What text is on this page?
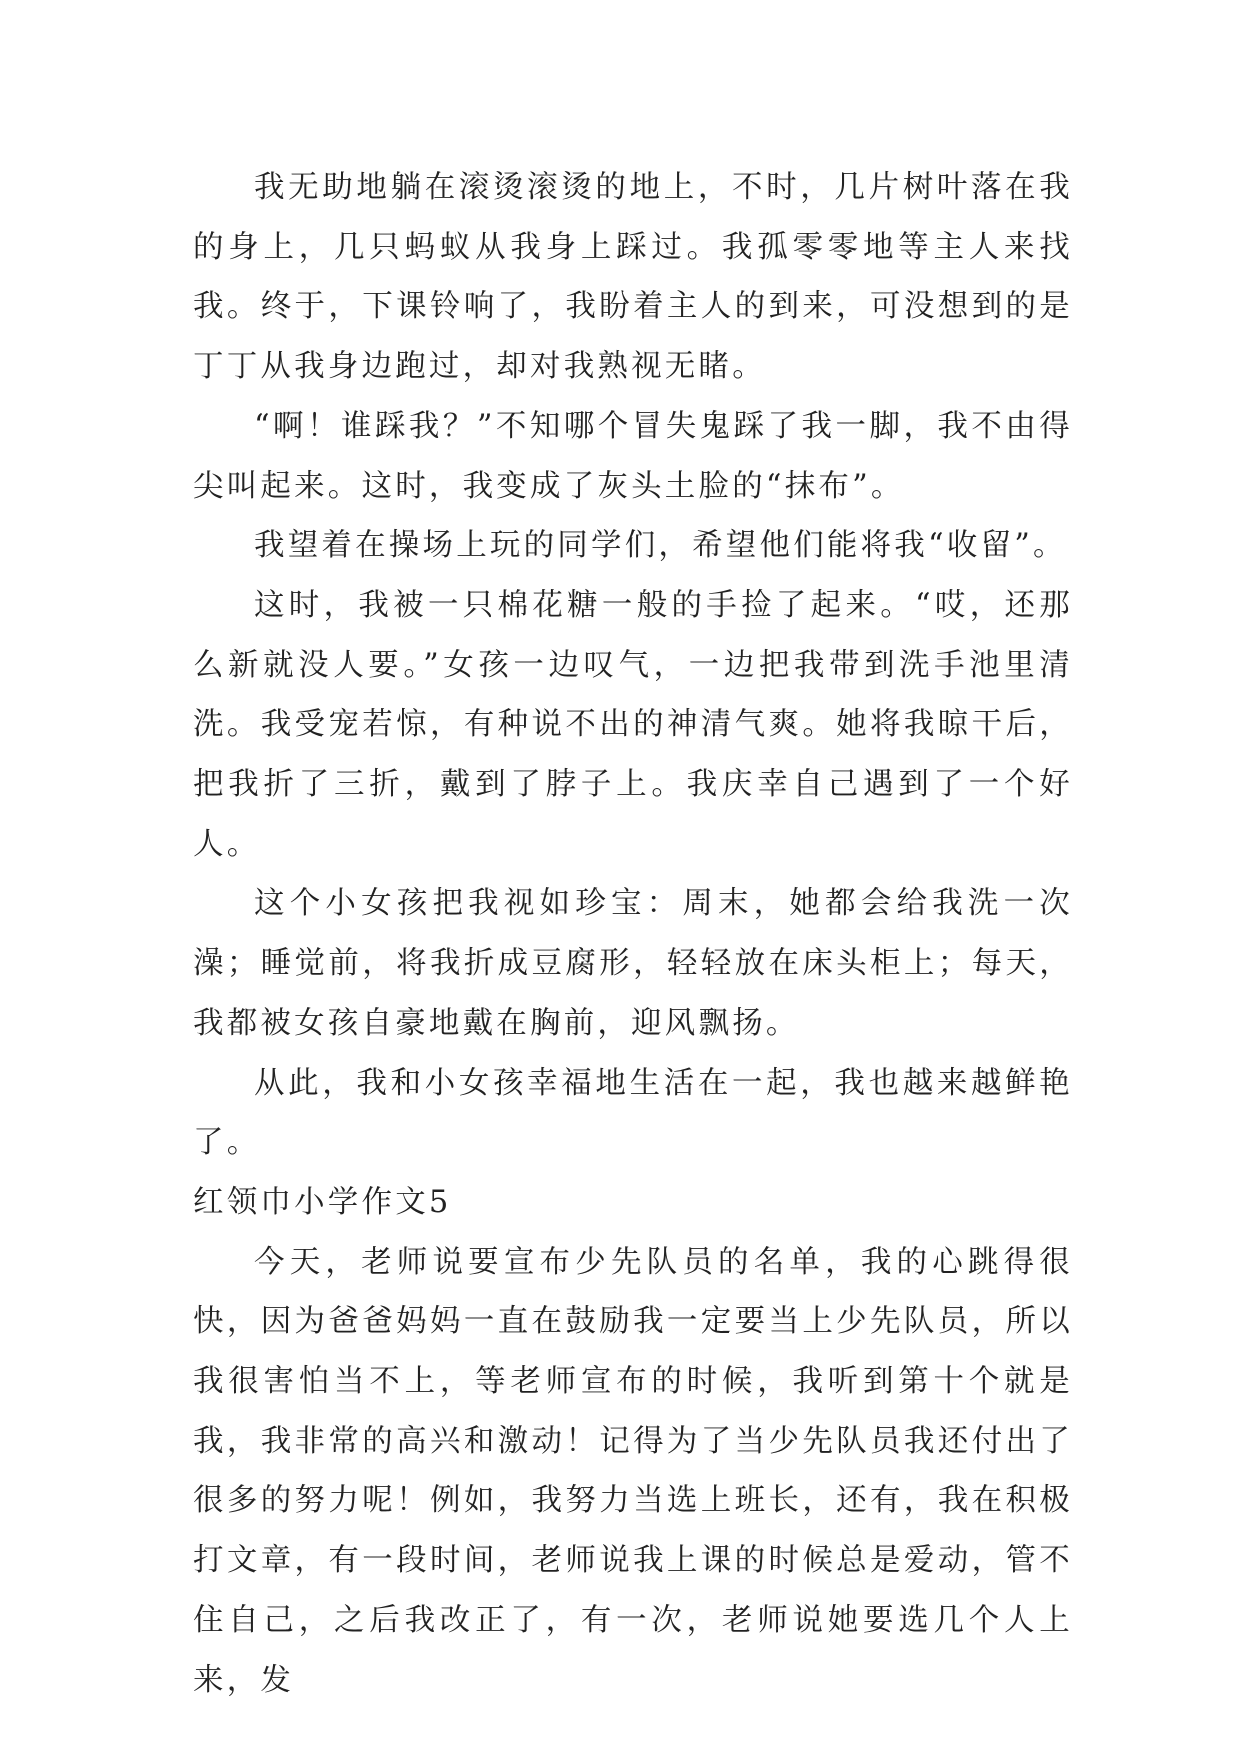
我无助地躺在滚烫滚烫的地上，不时，几片树叶落在我的身上，几只蚂蚁从我身上踩过。我孤零零地等主人来找我。终于，下课铃响了，我盼着主人的到来，可没想到的是丁丁从我身边跑过，却对我熟视无睹。

“啊！谁踩我？”不知哪个冒失鬼踩了我一脚，我不由得尖叫起来。这时，我变成了灰头土脸的“抹布”。

我望着在操场上玩的同学们，希望他们能将我“收留”。

这时，我被一只棉花糖一般的手捡了起来。“哎，还那么新就没人要。”女孩一边叹气，一边把我带到洗手池里清洗。我受宠若惊，有种说不出的神清气爽。她将我晾干后，把我折了三折，戴到了脖子上。我庆幸自己遇到了一个好人。

这个小女孩把我视如珍宝：周末，她都会给我洗一次澡；睡觉前，将我折成豆腐形，轻轻放在床头柜上；每天，我都被女孩自豪地戴在胸前，迎风飘扬。

从此，我和小女孩幸福地生活在一起，我也越来越鲜艳了。

红领巾小学作文5

今天，老师说要宣布少先队员的名单，我的心跳得很快，因为爸爸妈妈一直在鼓励我一定要当上少先队员，所以我很害怕当不上，等老师宣布的时候，我听到第十个就是我，我非常的高兴和激动！记得为了当少先队员我还付出了很多的努力呢！例如，我努力当选上班长，还有，我在积极打文章，有一段时间，老师说我上课的时候总是爱动，管不住自己，之后我改正了，有一次，老师说她要选几个人上来，发
